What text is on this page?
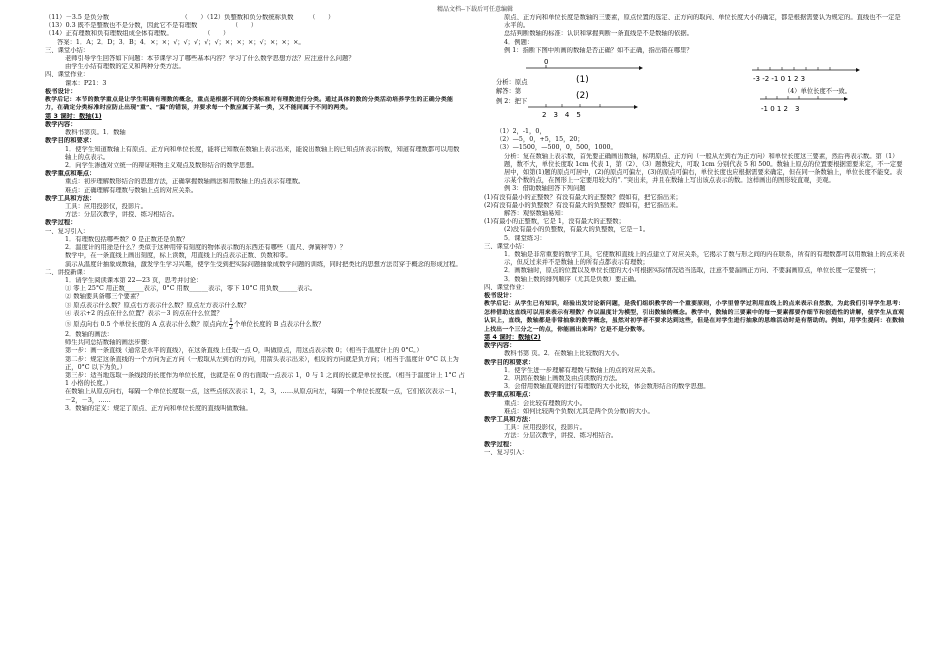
精品文档--下载后可任意编辑

（11）－3.5 是负分数　　　　　　　　　　　　（　　）（12）负整数和负分数统称负数　　　（　　）

（13）0.3 既不是整数也不是分数，因此它不是有理数　　　　　　（　　）

（14）正有理数和负有理数组成全体有理数。　　　　　　（　　）

答案：1．A；2．D；3．B；4．×；×；√；√；√；√；√；×；×；×；√；×；×；×。

三、课堂小结：

老师引导学生回答如下问题：本节课学习了哪些基本内容？学习了什么数学思想方法？应注意什么问题？

由学生小结有理数的定义和两种分类方法。

四、课堂作业：

课本：P21：3

板书设计：

教学后记：本节的数学重点是让学生明确有理数的概念，重点是根据不同的分类标准对有理数进行分类。通过具体的数的分类活动培养学生的正确分类能力，在确定分类标准时应防止出现“重”、“漏”的错误，并要求每一个数应属于某一类，又不能同属于不同的两类。

第 3 课时：数轴(1)

教学内容：

教科书第页。1．数轴

教学目的和要求：

1．使学生知道数轴上有原点、正方向和单位长度，能将已知数在数轴上表示出来，能说出数轴上的已知点所表示的数，知道有理数都可以用数轴上的点表示。

2．向学生渗透对立统一的辩证唯物主义观点及数形结合的数学思想。

教学重点和难点：

重点：初步理解数形结合的思想方法，正确掌握数轴画法和用数轴上的点表示有理数。

难点：正确理解有理数与数轴上点的对应关系。

教学工具和方法：

工具：应用投影仪，投影片。

方法：分层次教学，讲授、练习相结合。

教学过程：

一、复习引入：

1．有理数包括哪些数？0 是正数还是负数？

2．温度计的用途是什么？类似于这种用带有刻度的物体表示数的东西还有哪些（直尺、弹簧秤等）？

数学中，在一条直线上画出刻度，标上读数，用直线上的点表示正数、负数和零。

演示从温度计抽象成数轴，激发学生学习兴趣，使学生受到把实际问题抽象成数学问题的训练，同时把类比的思想方法贯穿于概念的形成过程。

二、讲授新课：

1．请学生阅读课本第 22—23 页，思考并讨论：

① 零上 25°C 用正数______表示，0°C 用数______表示，零下 10°C 用负数______表示。

② 数轴要具备哪三个要素？

③ 原点表示什么数？原点右方表示什么数？原点左方表示什么数？

④ 表示+2 的点在什么位置？表示－3 的点在什么位置？

⑤ 原点向右 0.5 个单位长度的 A 点表示什么数？原点向左 $\frac{1}{2}$ 个单位长度的 B 点表示什么数？

2．数轴的画法：

师生共同总结数轴的画法步骤：

第一步：画一条直线（通常是水平的直线），在这条直线上任取一点 O，叫做原点，用这点表示数 0；（相当于温度计上的 0°C。）

第二步：规定这条直线的一个方向为正方向（一般取从左到右的方向，用箭头表示出来），相反的方向就是负方向；（相当于温度计 0°C 以上为正，0°C 以下为负。）

第三步：适当地选取一条线段的长度作为单位长度，也就是在 0 的右面取一点表示 1，0 与 1 之间的长就是单位长度。（相当于温度计上 1°C 占 1 小格的长度。）

在数轴上从原点向右，每隔一个单位长度取一点，这些点依次表示 1，2，3，……从原点向左，每隔一个单位长度取一点，它们依次表示－1，－2，－3，……

3．数轴的定义：规定了原点、正方向和单位长度的直线叫做数轴。

原点、正方向和单位长度是数轴的三要素，原点位置的选定、正方向的取向、单位长度大小的确定，都是根据需要认为规定的。直线也不一定是水平的。

总结判断数轴的标准：认识和掌握判断一条直线是不是数轴的依据。

4．例题：

例 1：指断下图中所画的数轴是否正确？如不正确，指出错在哪里？

0
(1)	-3 -2 -1 0 1 2 3
分析：原点
解答：第
例 2：把下
2　3　4　5
(2)
-1 0 1 2　3
（4）单位长度不一致。

（1）2，-1，0，

（2）—5，0，+5，15，20；

（3）—1500，—500，0，500，1000。

分析：复在数轴上表示数，首先要正确画出数轴，标明原点、正方向（一般从左到右为正方向）和单位长度这三要素，然后再表示数。第（1）题，数不大，单位长度取 1cm 代表 1，第（2）、（3）题数较大，可取 1cm 分别代表 5 和 500。数轴上原点的位置要根据需要来定，不一定要居中，如第(1)题的原点可居中，(2)的原点可偏左，(3)的原点可偏右，单位长度也应根据需要来确定，但在同一条数轴上，单位长度不能变。表示某个数的点，在图形上一定要用较大的“．”突出来，并且在数轴上写出该点表示的数。这样画出的图形较直观，美观。

例 3：借助数轴回答下列问题

(1)有没有最小的正整数？有没有最大的正整数？假如有，把它指出来；

(2)有没有最小的负整数？有没有最大的负整数？假如有，把它指出来。

解答：观察数轴易知：

(1)有最小的正整数，它是 1，没有最大的正整数；

(2)没有最小的负整数，有最大的负整数，它是－1。

5．课堂练习：

三、课堂小结：

1．数轴是非常重要的数学工具，它使数和直线上的点建立了对应关系，它揭示了数与形之间的内在联系，所有的有理数都可以用数轴上的点来表示，但反过来并不是数轴上的所有点都表示有理数；

2．画数轴时，原点的位置以及单位长度的大小可根据实际情况适当选取，注意不要漏画正方向、不要漏画原点，单位长度一定要统一；

3．数轴上数的排列顺序（尤其是负数）要正确。

四、课堂作业：

板书设计：

教学后记：从学生已有知识，经验出发讨论新问题，是我们组织教学的一个重要原则，小学里曾学过利用直线上的点来表示自然数，为此我们引导学生思考：怎样借助这直线可以用来表示有理数？作以温度计为模型，引出数轴的概念。教学中，数轴的三要素中的每一要素都要作细节和创造性的讲解，使学生从直观认识上，直线，数轴都是非常抽象的数学概念，虽然对初学者不要求达到这些，但是在对学生进行抽象的思维活动时是有帮助的。例如，用学生提问：在数轴上找出一个三分之一的点，你能画出来吗？它是不是分数等。

第 4 课时：数轴(2)

教学内容：

教科书第 页。2．在数轴上比较数的大小。

教学目的和要求：

1．使学生进一步理解有理数与数轴上的点的对应关系。

2．巩固在数轴上画数及由点读数的方法。

3．会借用数轴直观的进行有理数的大小比较，体会数形结合的数学思想。

教学重点和难点：

重点：会比较有理数的大小。

难点：如何比较两个负数(尤其是两个负分数)的大小。

教学工具和方法：

工具：应用投影仪，投影片。

方法：分层次教学，讲授、练习相结合。

教学过程：

一、复习引入：
